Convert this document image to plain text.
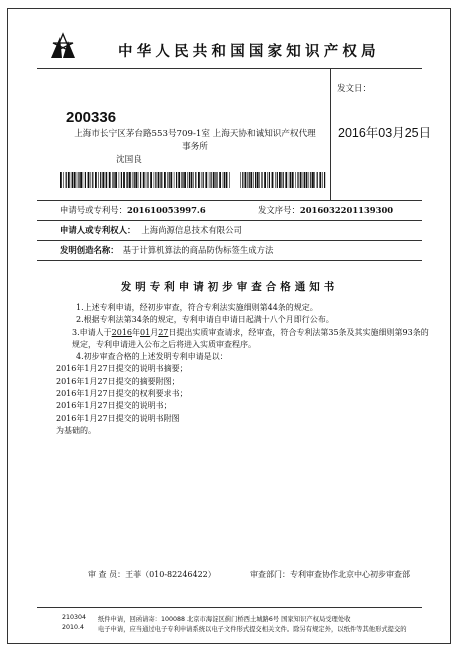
中华人民共和国国家知识产权局
200336
上海市长宁区茅台路553号709-1室 上海天协和诚知识产权代理事务所
沈国良
发文日：
2016年03月25日
申请号或专利号：201610053997.6	发文序号：2016032201139300
申请人或专利权人： 上海尚源信息技术有限公司
发明创造名称： 基于计算机算法的商品防伪标签生成方法
发明专利申请初步审查合格通知书
1.上述专利申请，经初步审查，符合专利法实施细则第44条的规定。
2.根据专利法第34条的规定，专利申请自申请日起满十八个月即行公布。
3.申请人于2016年01月27日提出实质审查请求，经审查，符合专利法第35条及其实施细则第93条的
规定，专利申请进入公布之后将进入实质审查程序。
4.初步审查合格的上述发明专利申请是以：
2016年1月27日提交的说明书摘要；
2016年1月27日提交的摘要附图；
2016年1月27日提交的权利要求书；
2016年1月27日提交的说明书；
2016年1月27日提交的说明书附图
为基础的。
审 查 员：王菲（010-82246422）	审查部门：专利审查协作北京中心初步审查部
210304
2010.4
纸件申请，回函请寄：100088 北京市海淀区蓟门桥西土城路6号 国家知识产权局受理处收
电子申请，应当通过电子专利申请系统以电子文件形式提交相关文件。除另有规定外，以纸件等其他形式提交的
